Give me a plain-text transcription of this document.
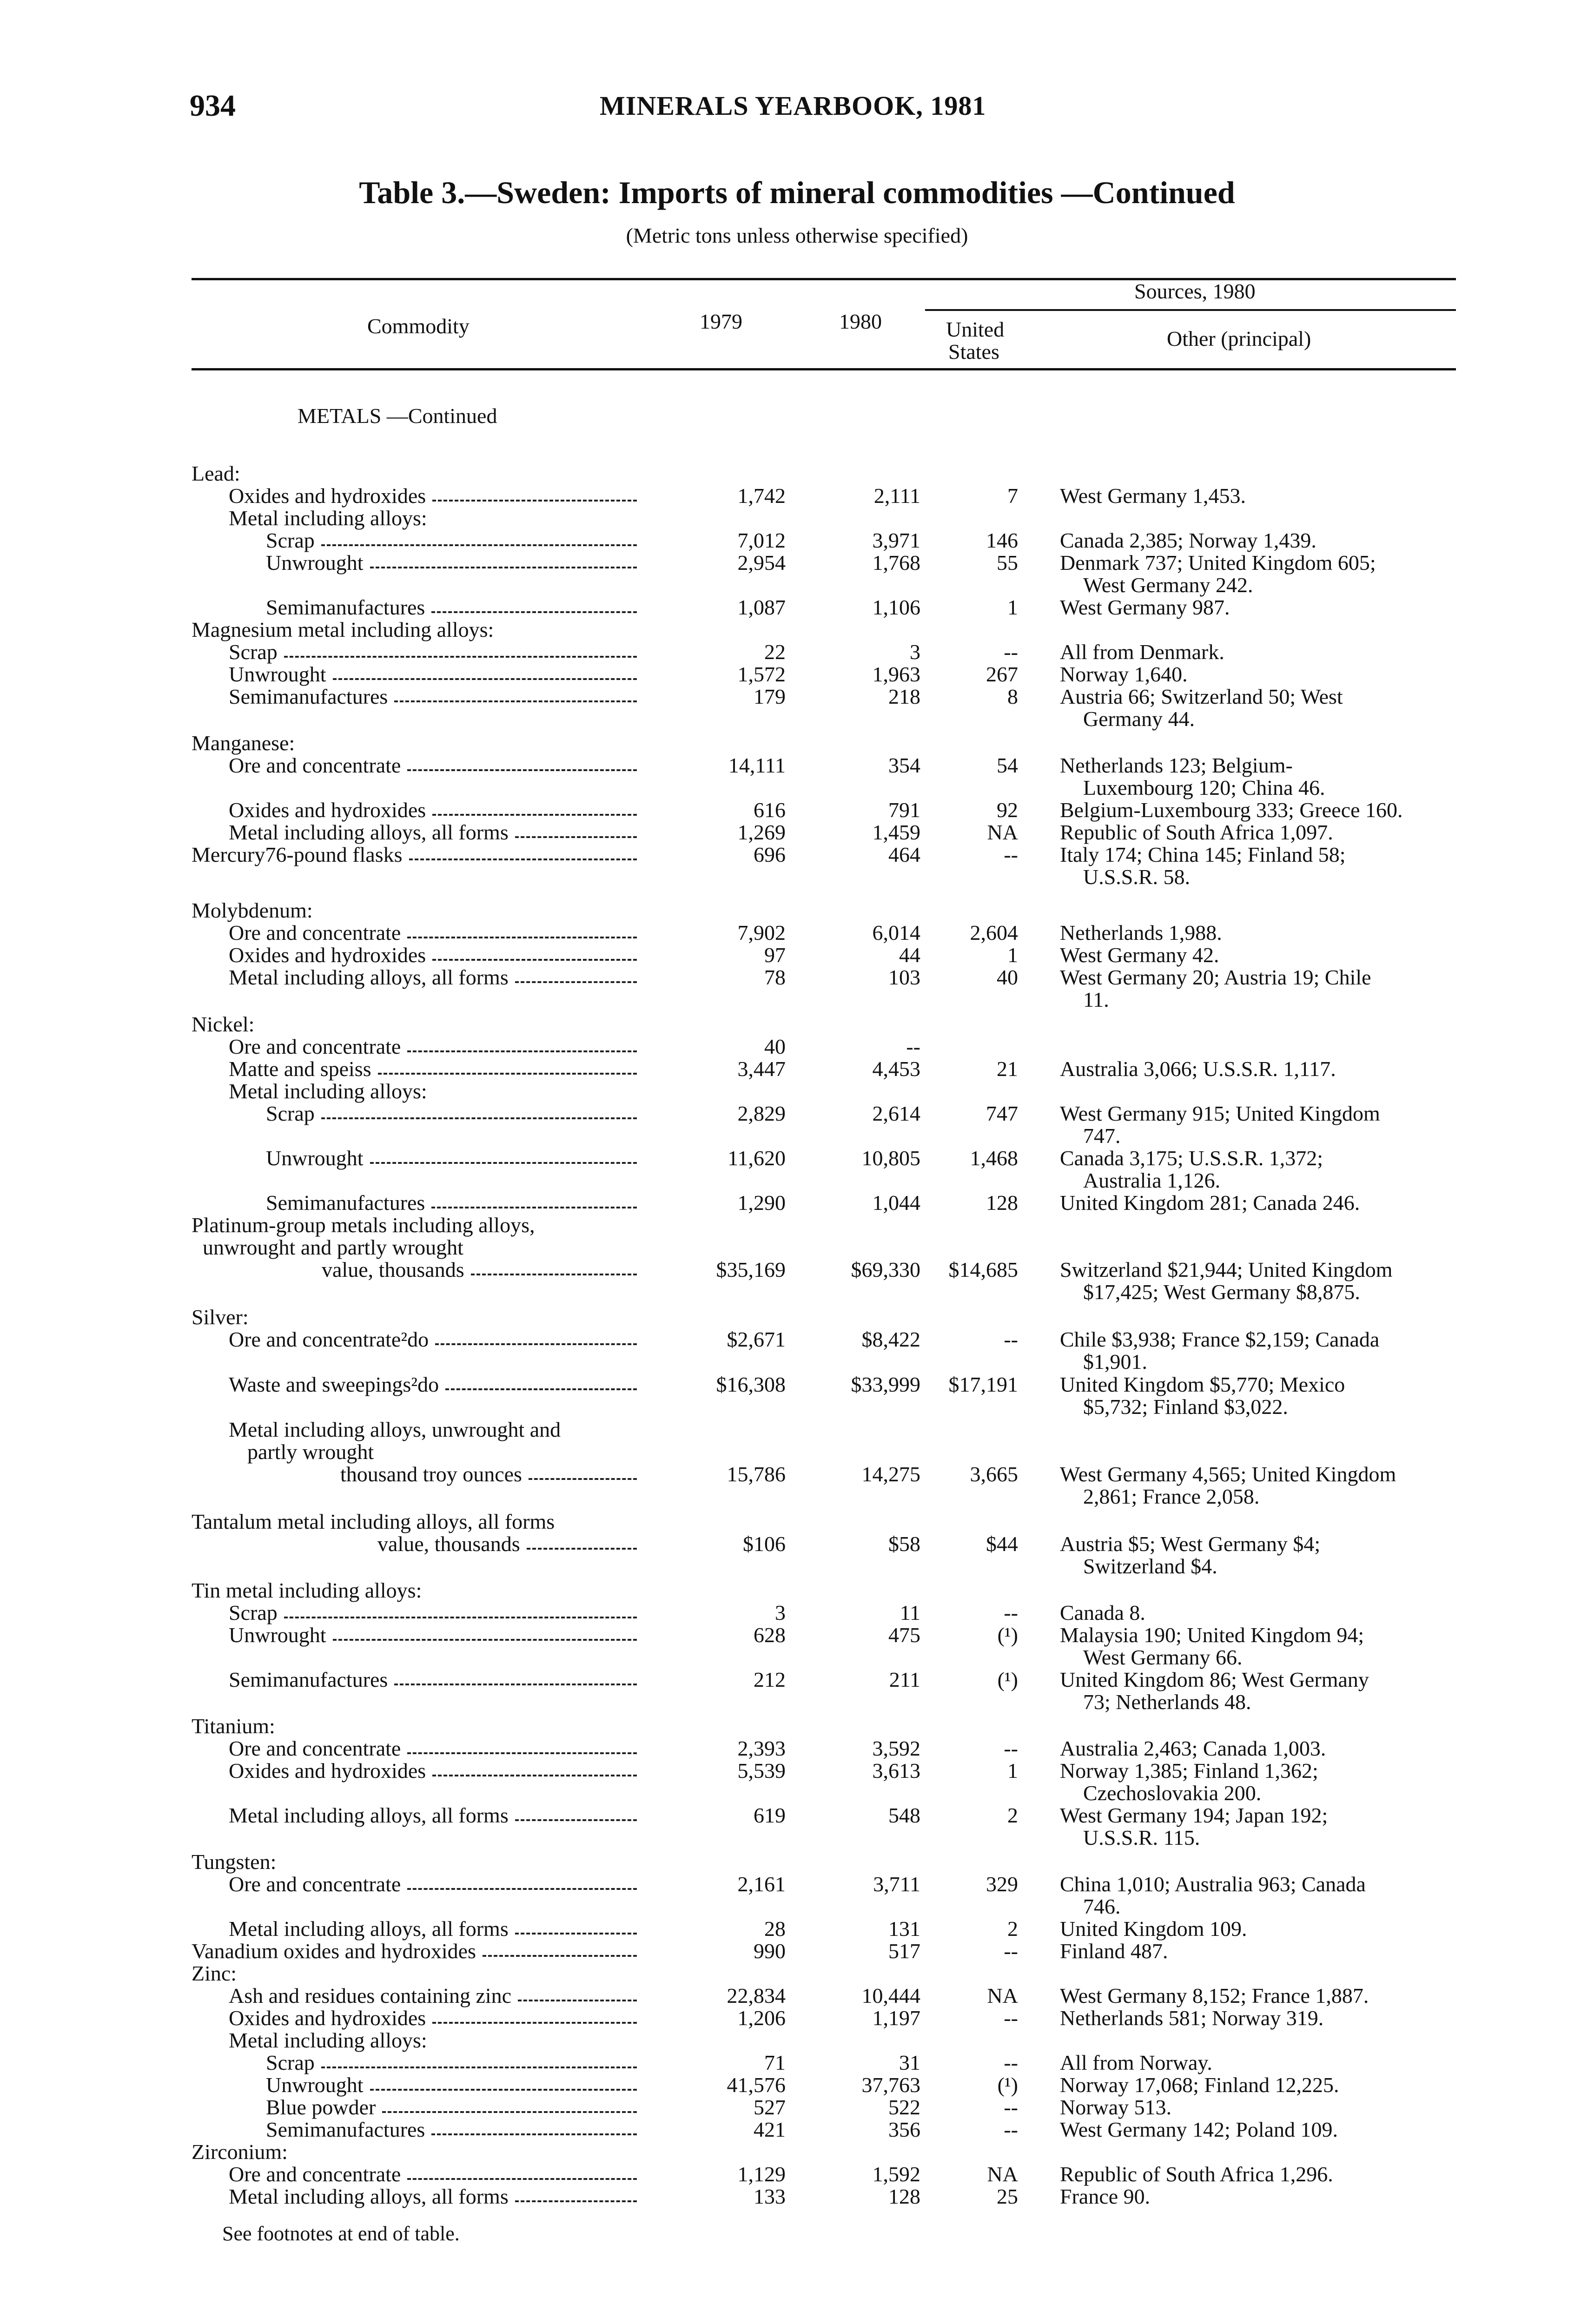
934	MINERALS YEARBOOK, 1981
Table 3.—Sweden: Imports of mineral commodities —Continued
(Metric tons unless otherwise specified)
Commodity	1979	1980
Sources, 1980
United
States
Other (principal)
METALS —Continued
Lead:
Oxides and hydroxides	1,742	2,111	7 West Germany 1,453.
Metal including alloys:
Scrap	7,012	3,971	146 Canada 2,385; Norway 1,439.
Unwrought	2,954	1,768	55 Denmark 737; United Kingdom 605;
West Germany 242.
Semimanufactures	1,087	1,106	1 West Germany 987.
Magnesium metal including alloys:
Scrap	22	3	-- All from Denmark.
Unwrought	1,572	1,963	267 Norway 1,640.
Semimanufactures	179	218	8 Austria 66; Switzerland 50; West
Germany 44.
Manganese:
Ore and concentrate	14,111	354	54 Netherlands 123; Belgium-
Luxembourg 120; China 46.
Oxides and hydroxides	616	791	92 Belgium-Luxembourg 333; Greece 160.
Metal including alloys, all forms	1,269	1,459	NA Republic of South Africa 1,097.
Mercury76-pound flasks	696	464	-- Italy 174; China 145; Finland 58;
U.S.S.R. 58.
Molybdenum:
Ore and concentrate	7,902	6,014	2,604 Netherlands 1,988.
Oxides and hydroxides	97	44	1 West Germany 42.
Metal including alloys, all forms	78	103	40 West Germany 20; Austria 19; Chile
11.
Nickel:
Ore and concentrate	40	--
Matte and speiss	3,447	4,453	21 Australia 3,066; U.S.S.R. 1,117.
Metal including alloys:
Scrap	2,829	2,614	747 West Germany 915; United Kingdom
747.
Unwrought	11,620	10,805	1,468 Canada 3,175; U.S.S.R. 1,372;
Australia 1,126.
Semimanufactures	1,290	1,044	128 United Kingdom 281; Canada 246.
Platinum-group metals including alloys,
unwrought and partly wrought
value, thousands	$35,169	$69,330	$14,685 Switzerland $21,944; United Kingdom
$17,425; West Germany $8,875.
Silver:
Ore and concentrate²do	$2,671	$8,422	-- Chile $3,938; France $2,159; Canada
$1,901.
Waste and sweepings²do	$16,308	$33,999	$17,191 United Kingdom $5,770; Mexico
$5,732; Finland $3,022.
Metal including alloys, unwrought and
partly wrought
thousand troy ounces	15,786	14,275	3,665 West Germany 4,565; United Kingdom
2,861; France 2,058.
Tantalum metal including alloys, all forms
value, thousands	$106	$58	$44 Austria $5; West Germany $4;
Switzerland $4.
Tin metal including alloys:
Scrap	3	11	-- Canada 8.
Unwrought	628	475	(¹) Malaysia 190; United Kingdom 94;
West Germany 66.
Semimanufactures	212	211	(¹) United Kingdom 86; West Germany
73; Netherlands 48.
Titanium:
Ore and concentrate	2,393	3,592	-- Australia 2,463; Canada 1,003.
Oxides and hydroxides	5,539	3,613	1 Norway 1,385; Finland 1,362;
Czechoslovakia 200.
Metal including alloys, all forms	619	548	2 West Germany 194; Japan 192;
U.S.S.R. 115.
Tungsten:
Ore and concentrate	2,161	3,711	329 China 1,010; Australia 963; Canada
746.
Metal including alloys, all forms	28	131	2 United Kingdom 109.
Vanadium oxides and hydroxides	990	517	-- Finland 487.
Zinc:
Ash and residues containing zinc	22,834	10,444	NA West Germany 8,152; France 1,887.
Oxides and hydroxides	1,206	1,197	-- Netherlands 581; Norway 319.
Metal including alloys:
Scrap	71	31	-- All from Norway.
Unwrought	41,576	37,763	(¹) Norway 17,068; Finland 12,225.
Blue powder	527	522	-- Norway 513.
Semimanufactures	421	356	-- West Germany 142; Poland 109.
Zirconium:
Ore and concentrate	1,129	1,592	NA Republic of South Africa 1,296.
Metal including alloys, all forms	133	128	25 France 90.
See footnotes at end of table.
